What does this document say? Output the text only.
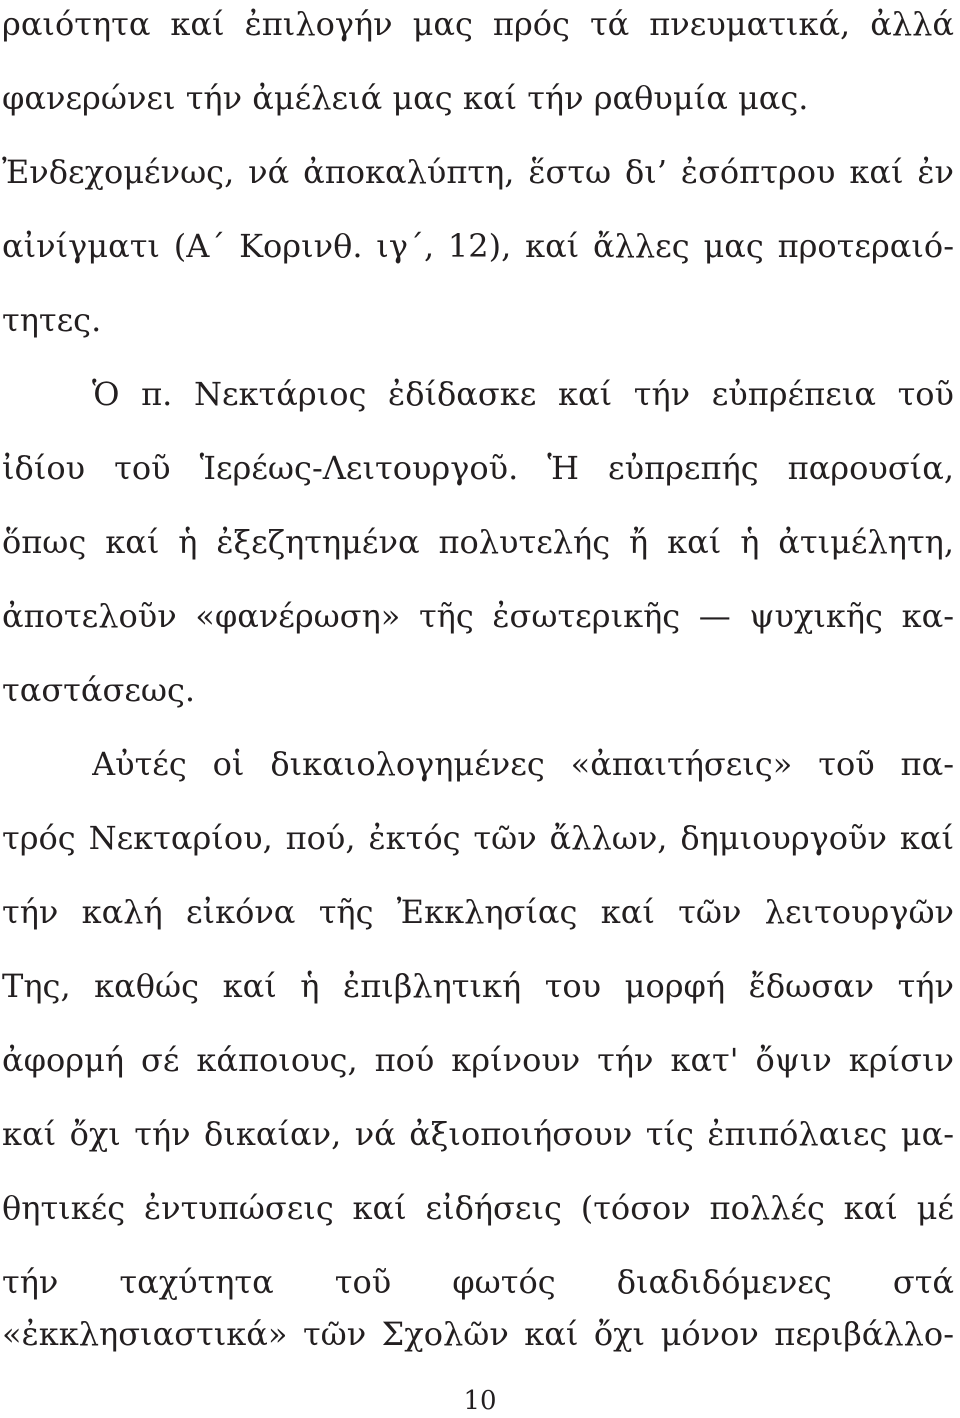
ραιότητα καί ἐπιλογήν μας πρός τά πνευματικά, ἀλλά
φανερώνει τήν ἀμέλειά μας καί τήν ραθυμία μας.
Ἐνδεχομένως, νά ἀποκαλύπτη, ἕστω δι’ ἐσόπτρου καί ἐν
αἰνίγματι (Α΄ Κορινθ. ιγ΄, 12), καί ἄλλες μας προτεραιό-
τητες.
Ὁ π. Νεκτάριος ἐδίδασκε καί τήν εὐπρέπεια τοῦ
ἰδίου τοῦ Ἱερέως-Λειτουργοῦ. Ἡ εὐπρεπής παρουσία,
ὅπως καί ἡ ἐξεζητημένα πολυτελής ἤ καί ἡ ἀτιμέλητη,
ἀποτελοῦν «φανέρωση» τῆς ἐσωτερικῆς — ψυχικῆς κα-
ταστάσεως.
Αὐτές οἱ δικαιολογημένες «ἀπαιτήσεις» τοῦ πα-
τρός Νεκταρίου, πού, ἐκτός τῶν ἄλλων, δημιουργοῦν καί
τήν καλή εἰκόνα τῆς Ἐκκλησίας καί τῶν λειτουργῶν
Της, καθώς καί ἡ ἐπιβλητική του μορφή ἔδωσαν τήν
ἀφορμή σέ κάποιους, πού κρίνουν τήν κατ' ὄψιν κρίσιν
καί ὄχι τήν δικαίαν, νά ἀξιοποιήσουν τίς ἐπιπόλαιες μα-
θητικές ἐντυπώσεις καί εἰδήσεις (τόσον πολλές καί μέ
τήν ταχύτητα τοῦ φωτός διαδιδόμενες στά
«ἐκκλησιαστικά» τῶν Σχολῶν καί ὄχι μόνον περιβάλλο-
10
